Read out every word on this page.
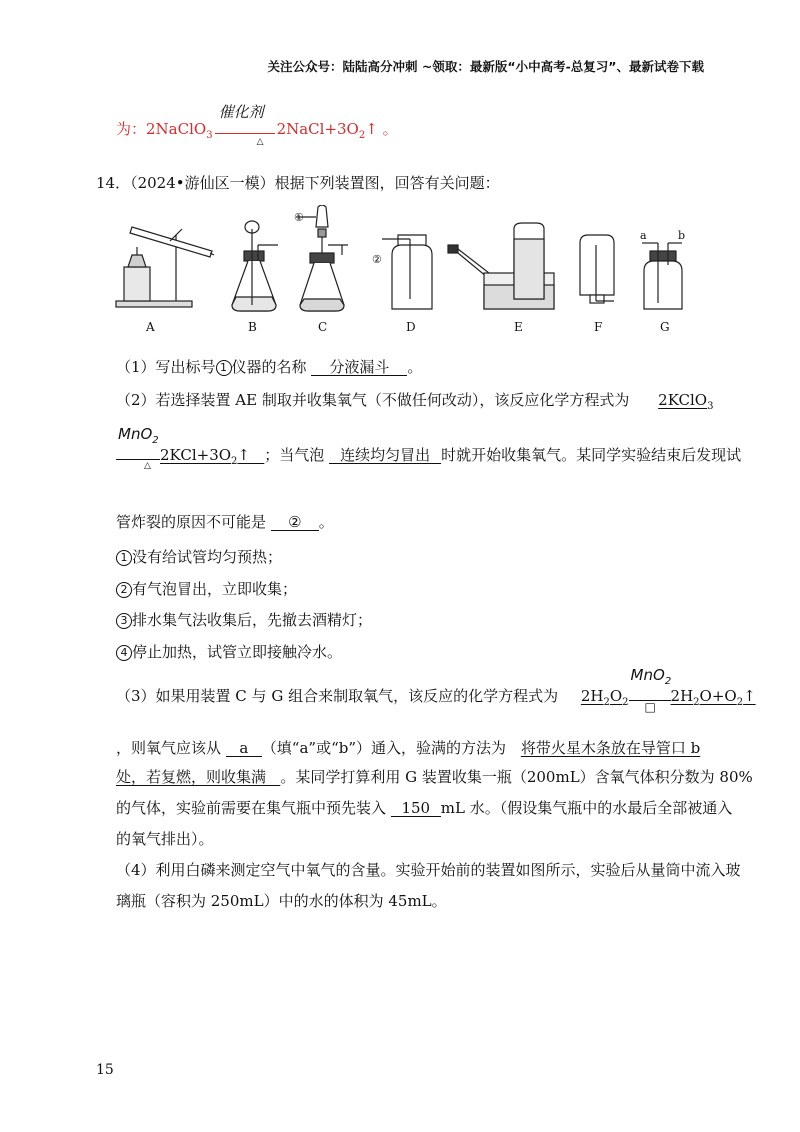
关注公众号：陆陆高分冲刺 ~领取：最新版“小中高考-总复习”、最新试卷下载
为：2NaClO$_3$
催化剂
△
$2NaCl+3O_2↑$ 。
14．（2024•游仙区一模）根据下列装置图，回答有关问题：
①
②
a	b
A	B	C	D	E	F	G
（1）写出标号 1 仪器的名称 分液漏斗 。
（2）若选择装置 AE 制取并收集氧气（不做任何改动），该反应化学方程式为 2KClO$_3$
MnO$_2$
△
$2KCl+3O_2↑$ ；当气泡 连续均匀冒出 时就开始收集氧气。某同学实验结束后发现试
管炸裂的原因不可能是 ② 。
1 没有给试管均匀预热；
2 有气泡冒出，立即收集；
3 排水集气法收集后，先撤去酒精灯；
4 停止加热，试管立即接触冷水。
（3）如果用装置 C 与 G 组合来制取氧气，该反应的化学方程式为 $2H_2O_2$
MnO$_2$
□
$2H_2O+O_2↑$
，则氧气应该从 a （填“a”或“b”）通入，验满的方法为 将带火星木条放在导管口 b
处，若复燃，则收集满 。某同学打算利用 G 装置收集一瓶（200mL）含氧气体积分数为 80%
的气体，实验前需要在集气瓶中预先装入 150 mL 水。（假设集气瓶中的水最后全部被通入
的氧气排出）。
（4）利用白磷来测定空气中氧气的含量。实验开始前的装置如图所示，实验后从量筒中流入玻
璃瓶（容积为 250mL）中的水的体积为 45mL。
15
